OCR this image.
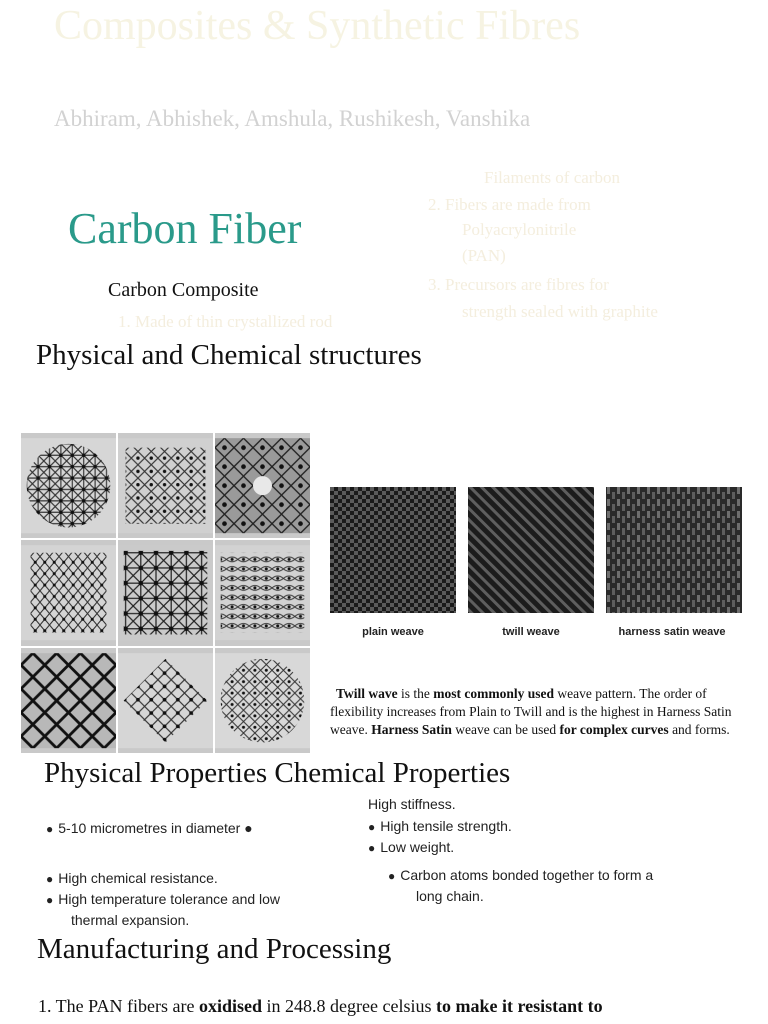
Composites & Synthetic Fibres
Abhiram, Abhishek, Amshula, Rushikesh, Vanshika
Filaments of carbon
2. Fibers are made from
Polyacrylonitrile
(PAN)
3. Precursors are fibres for
strength sealed with graphite
1. Made of thin crystallized rod
Carbon Fiber
Carbon Composite
Physical and Chemical structures
plain weave	twill weave	harness satin weave
Twill wave is the most commonly used weave pattern. The order of flexibility increases from Plain to Twill and is the highest in Harness Satin weave. Harness Satin weave can be used for complex curves and forms.
Physical Properties Chemical Properties
High stiffness.
● 5-10 micrometres in diameter ●	● High tensile strength.
● Low weight.
● High chemical resistance.	● Carbon atoms bonded together to form a
long chain.
● High temperature tolerance and low
thermal expansion.
Manufacturing and Processing
1. The PAN fibers are oxidised in 248.8 degree celsius to make it resistant to
